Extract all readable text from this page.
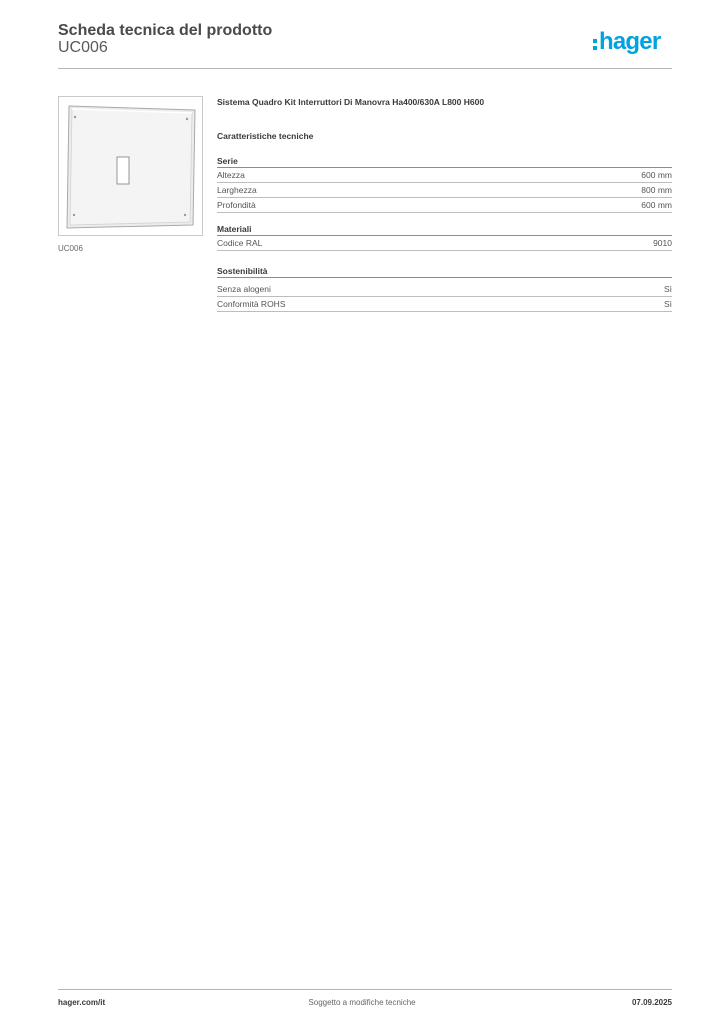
Scheda tecnica del prodotto
UC006	hager
UC006
Sistema Quadro Kit Interruttori Di Manovra Ha400/630A L800 H600
Caratteristiche tecniche
Serie
Altezza	600 mm
Larghezza	800 mm
Profondità	600 mm
Materiali
Codice RAL	9010
Sostenibilità
Senza alogeni	Sì
Conformità ROHS	Sì
hager.com/it	Soggetto a modifiche tecniche	07.09.2025
